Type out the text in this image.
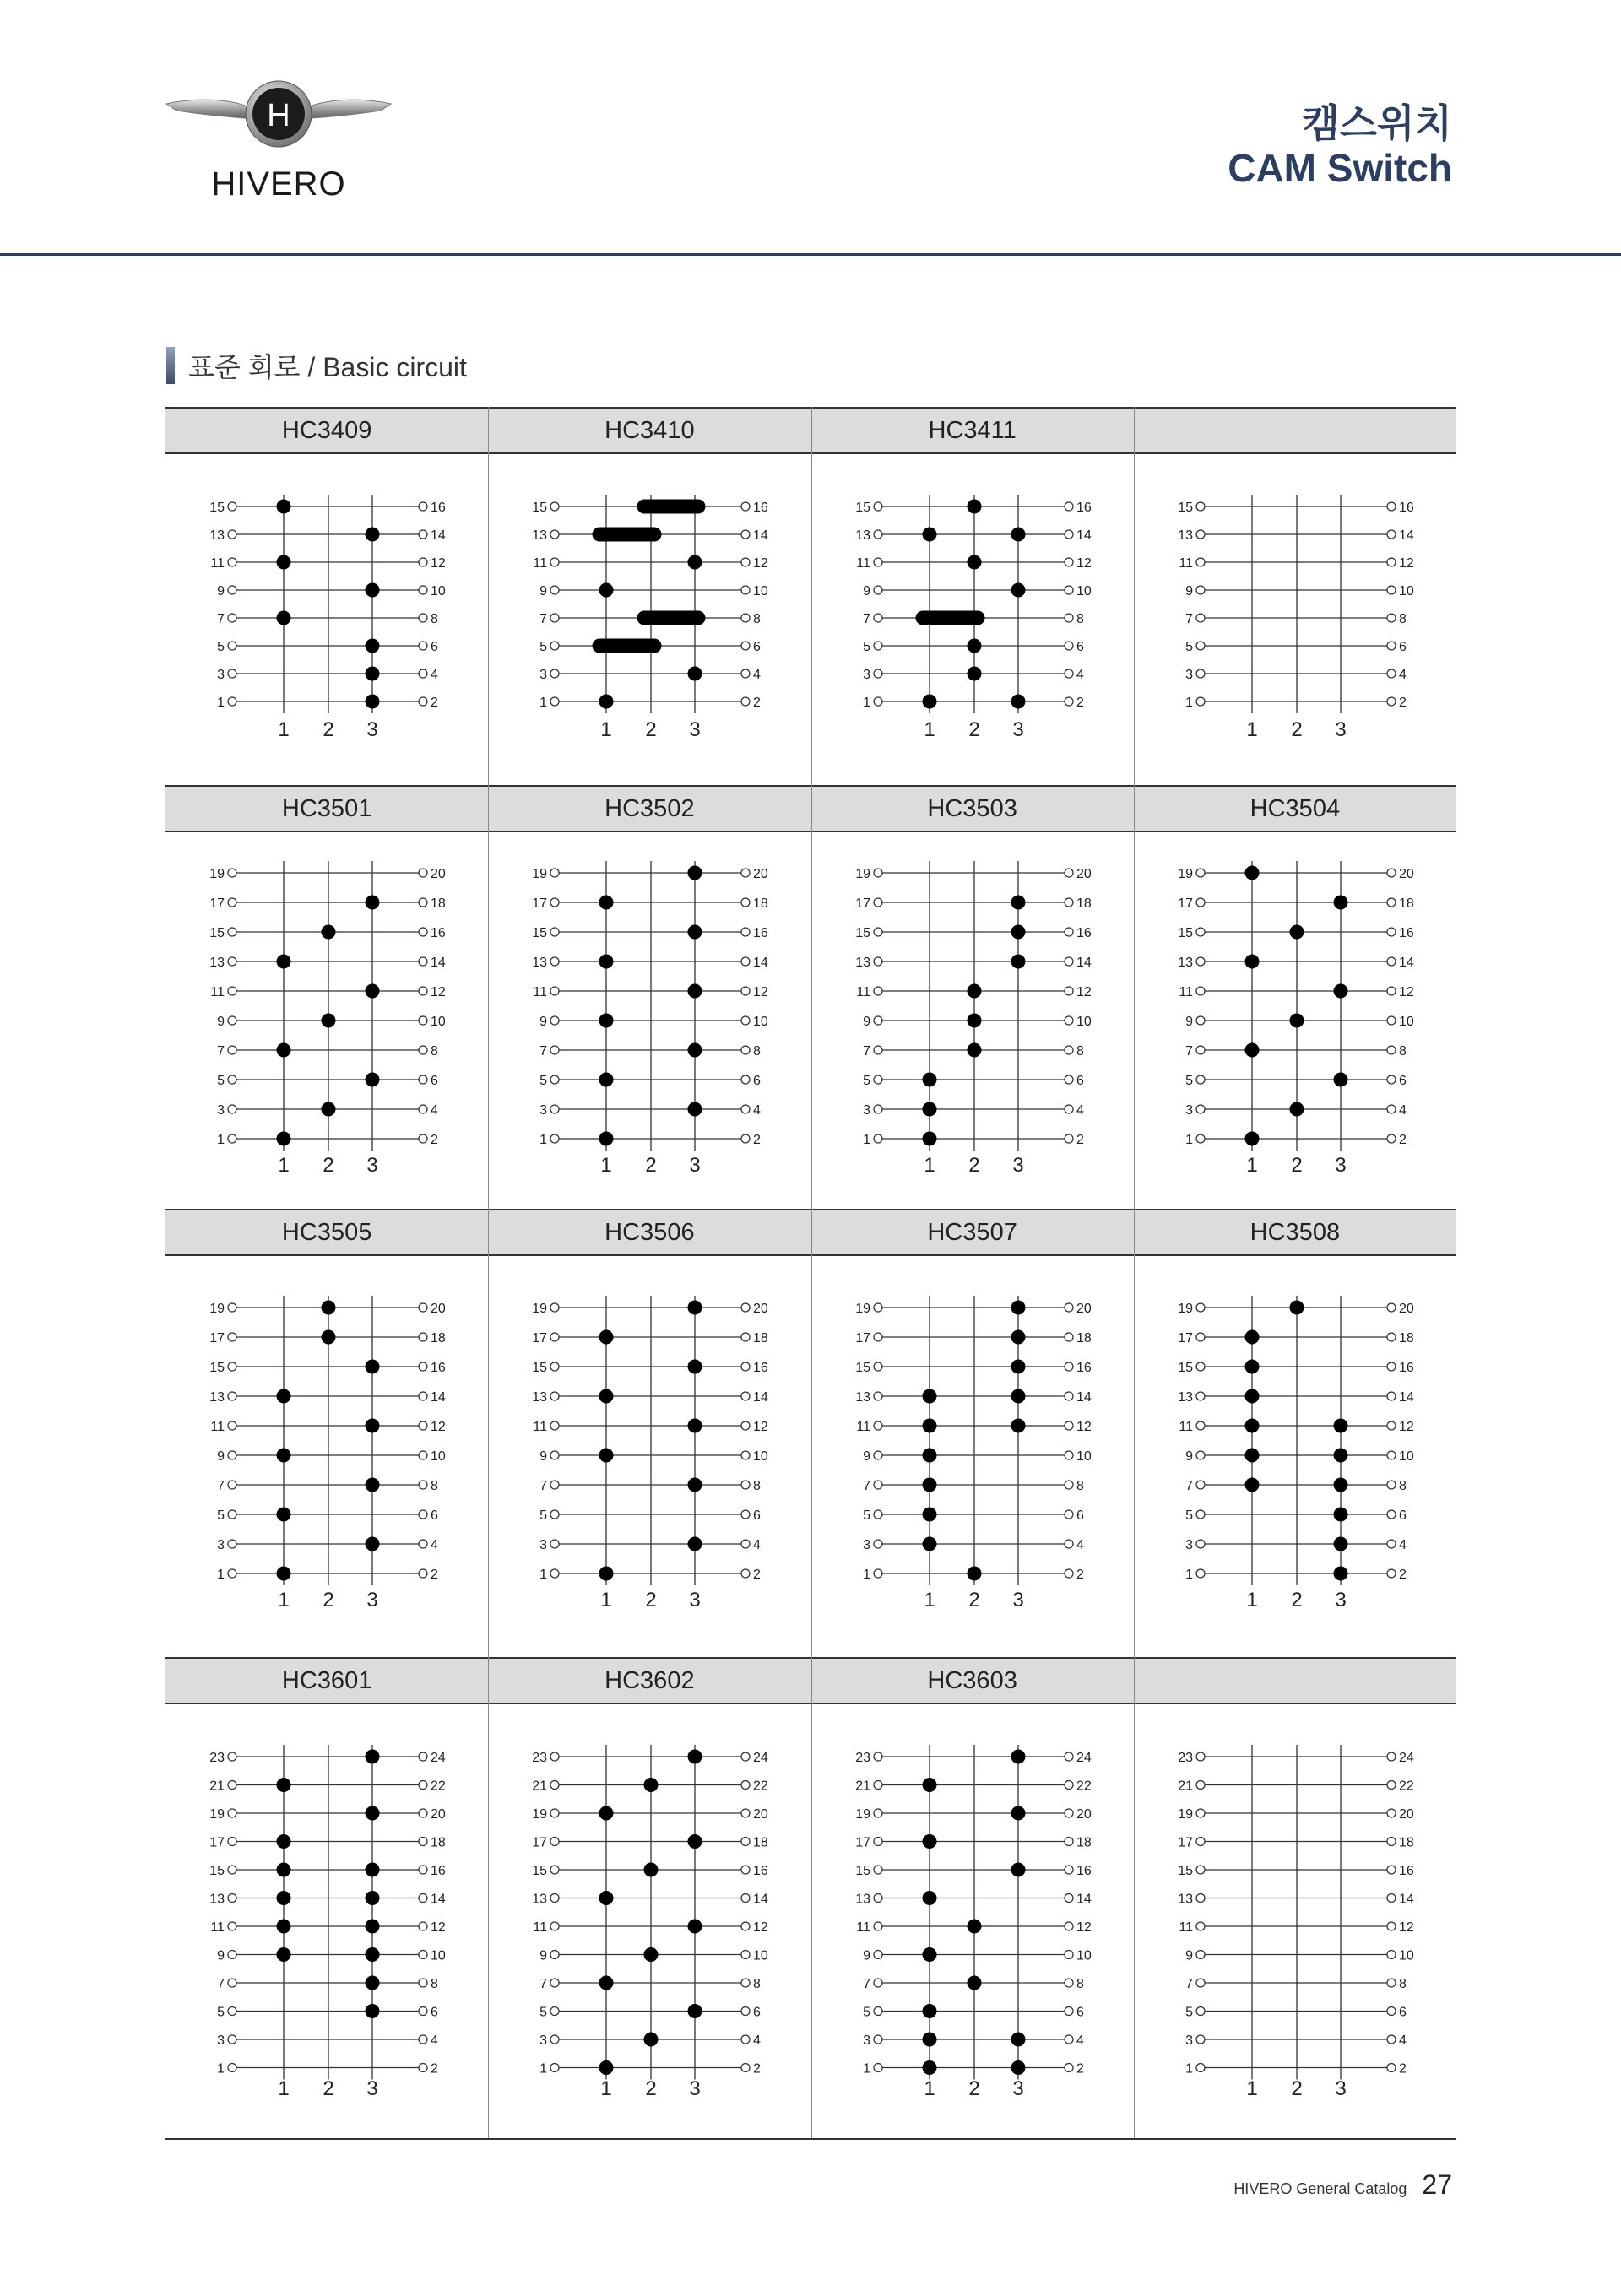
H
HIVERO
캠스위치
CAM Switch
표준 회로 / Basic circuit
HC3409	HC3410	HC3411
15	16
13	14
11	12
9	10
7	8
5	6
3	4
1	2
1 2 3
15	16
13	14
11	12
9	10
7	8
5	6
3	4
1	2
1 2 3
15	16
13	14
11	12
9	10
7	8
5	6
3	4
1	2
1 2 3
15	16
13	14
11	12
9	10
7	8
5	6
3	4
1	2
1 2 3
HC3501	HC3502	HC3503	HC3504
19	20
17	18
15	16
13	14
11	12
9	10
7	8
5	6
3	4
1	2
1 2 3
19	20
17	18
15	16
13	14
11	12
9	10
7	8
5	6
3	4
1	2
1 2 3
19	20
17	18
15	16
13	14
11	12
9	10
7	8
5	6
3	4
1	2
1 2 3
19	20
17	18
15	16
13	14
11	12
9	10
7	8
5	6
3	4
1	2
1 2 3
HC3505	HC3506	HC3507	HC3508
19	20
17	18
15	16
13	14
11	12
9	10
7	8
5	6
3	4
1	2
1 2 3
19	20
17	18
15	16
13	14
11	12
9	10
7	8
5	6
3	4
1	2
1 2 3
19	20
17	18
15	16
13	14
11	12
9	10
7	8
5	6
3	4
1	2
1 2 3
19	20
17	18
15	16
13	14
11	12
9	10
7	8
5	6
3	4
1	2
1 2 3
HC3601	HC3602	HC3603
23	24
21	22
19	20
17	18
15	16
13	14
11	12
9	10
7	8
5	6
3	4
1	2
1 2 3
23	24
21	22
19	20
17	18
15	16
13	14
11	12
9	10
7	8
5	6
3	4
1	2
1 2 3
23	24
21	22
19	20
17	18
15	16
13	14
11	12
9	10
7	8
5	6
3	4
1	2
1 2 3
23	24
21	22
19	20
17	18
15	16
13	14
11	12
9	10
7	8
5	6
3	4
1	2
1 2 3
HIVERO General Catalog 27
